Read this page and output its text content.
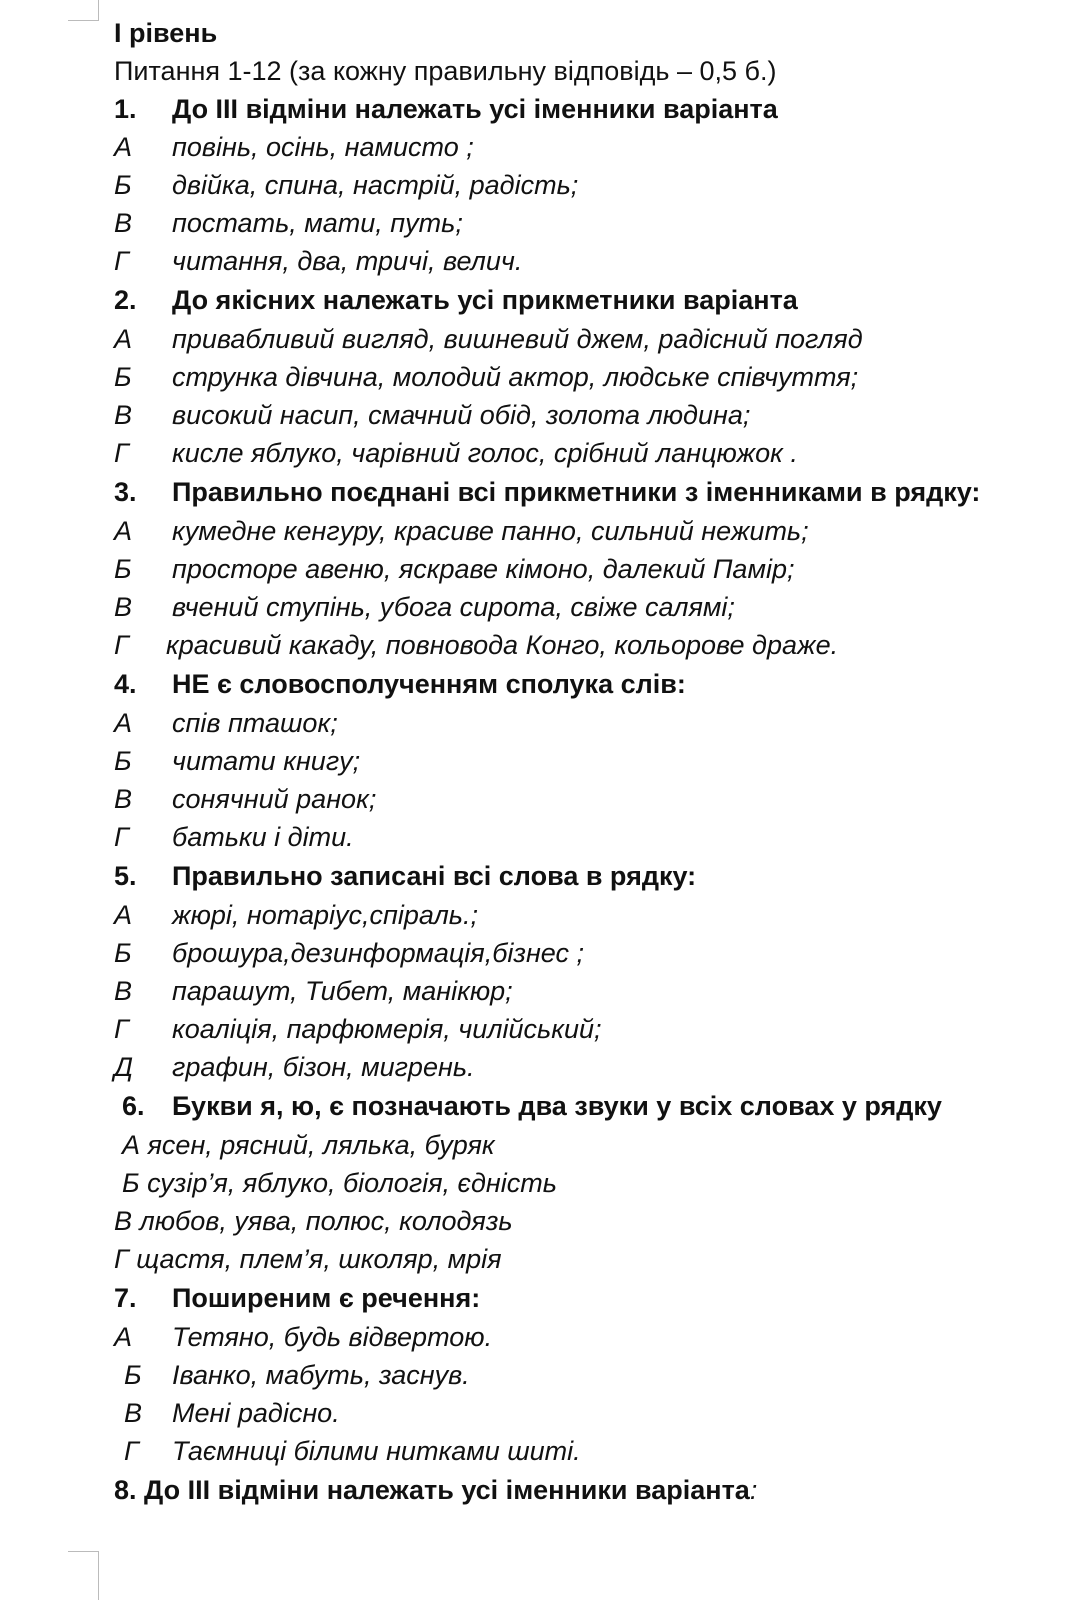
І рівень
Питання 1-12 (за кожну правильну відповідь – 0,5 б.)
1. До ІІІ відміни належать усі іменники варіанта
А повінь, осінь, намисто ;
Б двійка, спина, настрій, радість;
В постать, мати, путь;
Г читання, два, тричі, велич.
2. До якісних належать усі прикметники варіанта
А привабливий вигляд, вишневий джем, радісний погляд
Б струнка дівчина, молодий актор, людське співчуття;
В високий насип, смачний обід, золота людина;
Г кисле яблуко, чарівний голос, срібний ланцюжок .
3. Правильно поєднані всі прикметники з іменниками в рядку:
А кумедне кенгуру, красиве панно, сильний нежить;
Б просторе авеню, яскраве кімоно, далекий Памір;
В вчений ступінь, убога сирота, свіже салямі;
Г красивий какаду, повновода Конго, кольорове драже.
4. НЕ є словосполученням сполука слів:
А спів пташок;
Б читати книгу;
В сонячний ранок;
Г батьки і діти.
5. Правильно записані всі слова в рядку:
А жюрі, нотаріус,спіраль.;
Б брошура,дезинформація,бізнес ;
В парашут, Тибет, манікюр;
Г коаліція, парфюмерія, чилійський;
Д графин, бізон, мигрень.
6. Букви я, ю, є позначають два звуки у всіх словах у рядку
А ясен, рясний, лялька, буряк
Б сузір’я, яблуко, біологія, єдність
В любов, уява, полюс, колодязь
Г щастя, плем’я, школяр, мрія
7. Поширеним є речення:
А Тетяно, будь відвертою.
Б Іванко, мабуть, заснув.
В Мені радісно.
Г Таємниці білими нитками шиті.
8. До ІІІ відміни належать усі іменники варіанта:
